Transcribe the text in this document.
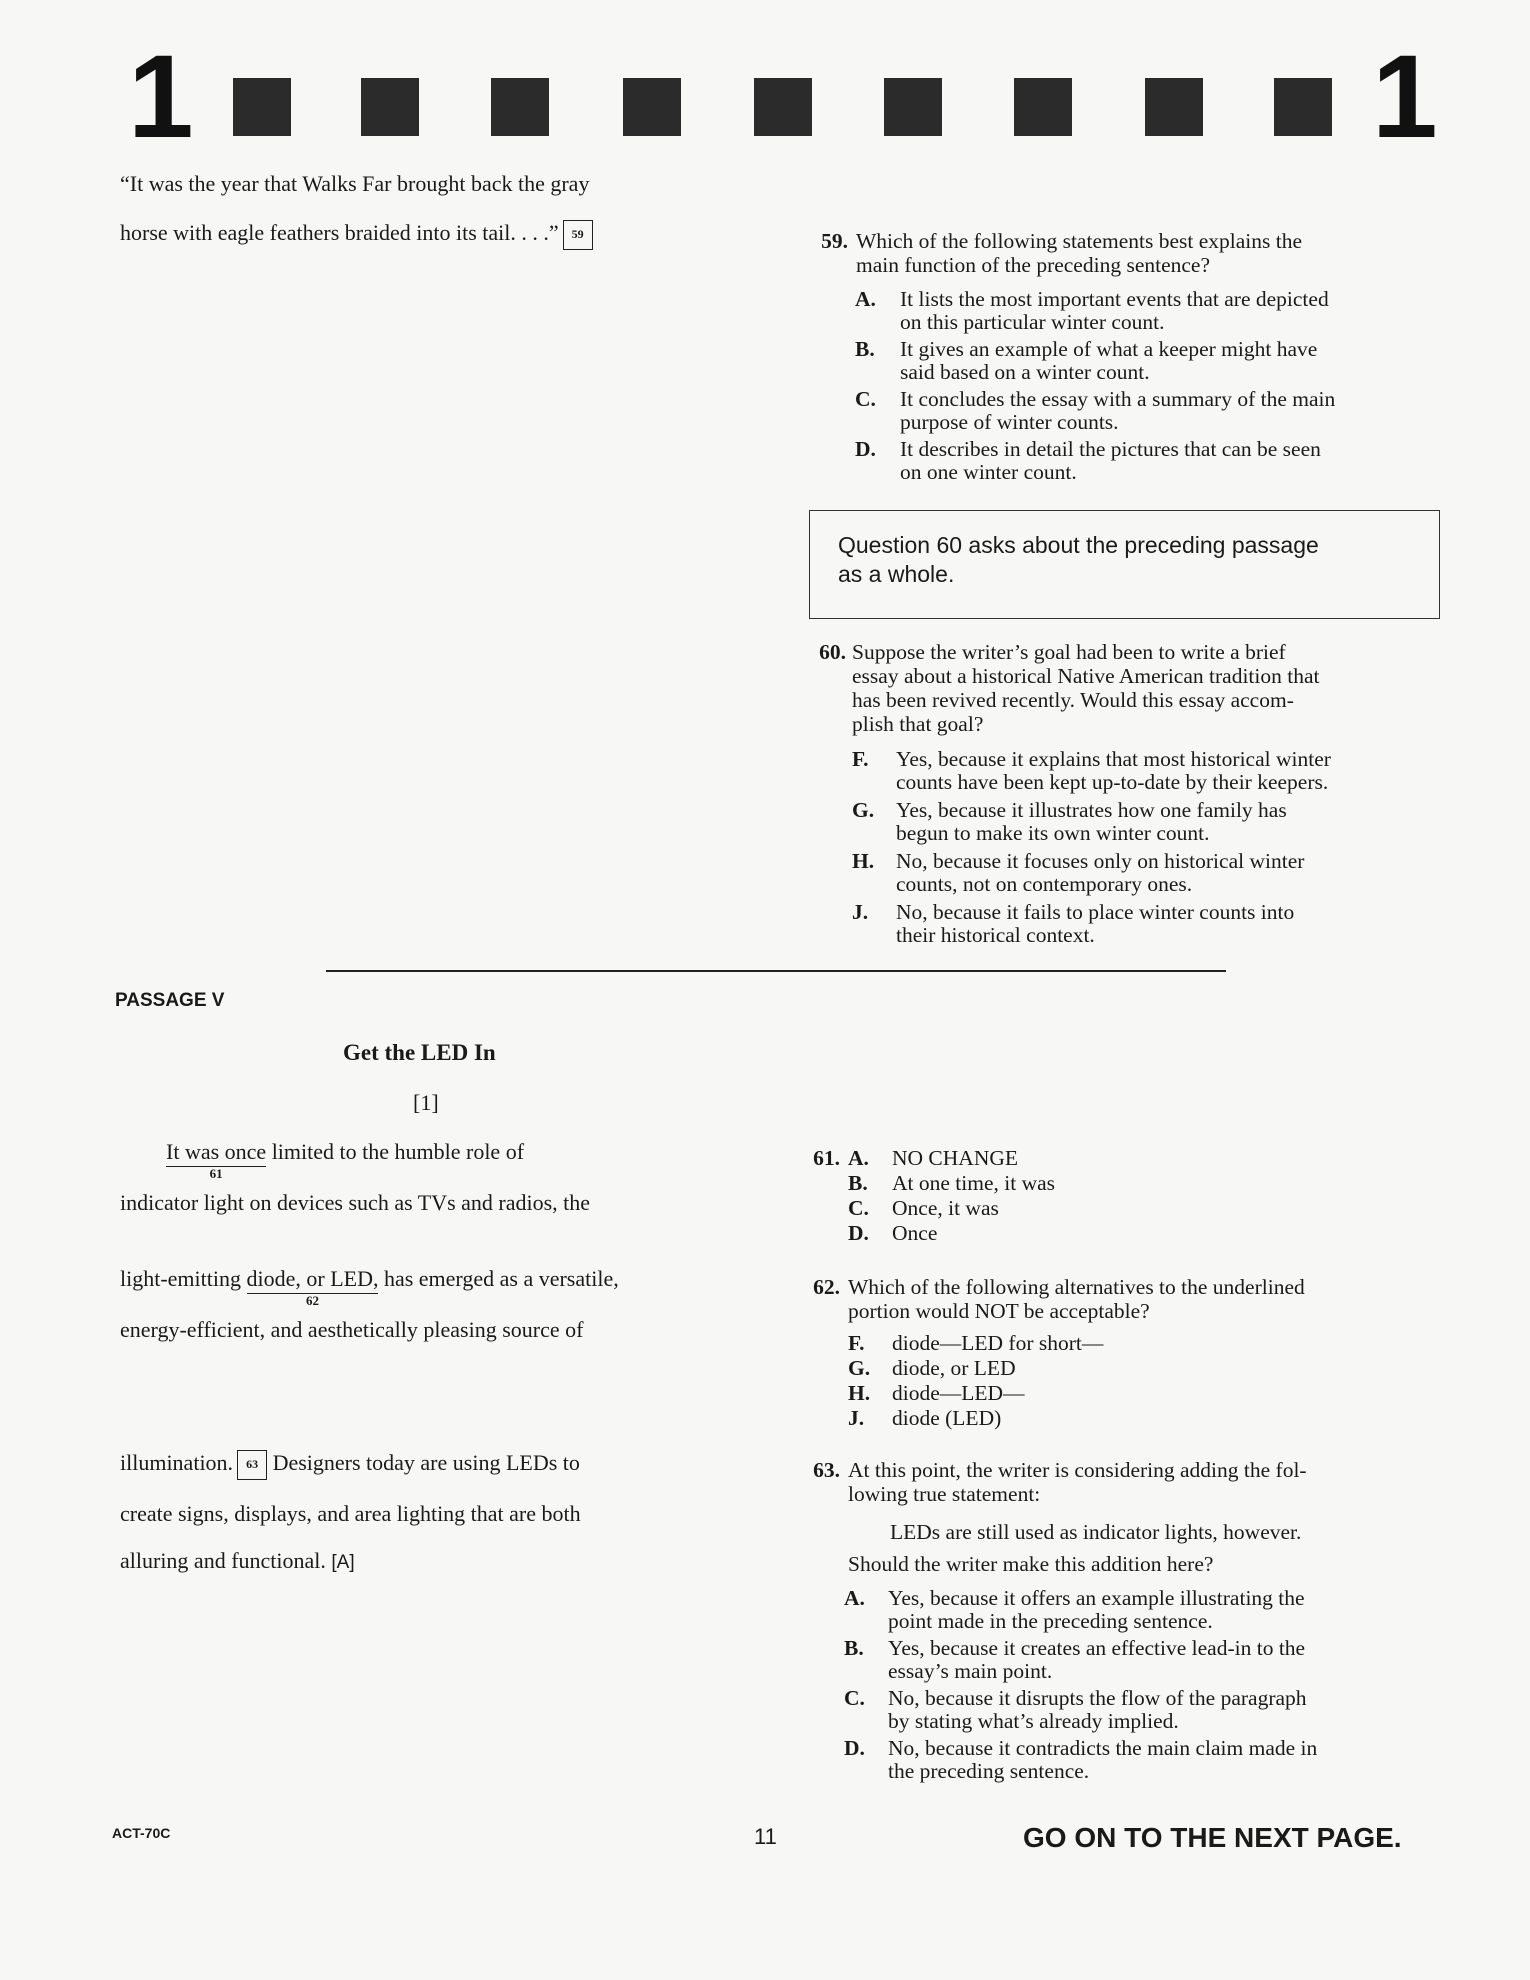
1	1
“It was the year that Walks Far brought back the gray
horse with eagle feathers braided into its tail. . . .” 59	59. Which of the following statements best explains the
main function of the preceding sentence?
A. It lists the most important events that are depicted
on this particular winter count.
B. It gives an example of what a keeper might have
said based on a winter count.
C. It concludes the essay with a summary of the main
purpose of winter counts.
D. It describes in detail the pictures that can be seen
on one winter count.
Question 60 asks about the preceding passage
as a whole.
60. Suppose the writer’s goal had been to write a brief
essay about a historical Native American tradition that
has been revived recently. Would this essay accom-
plish that goal?
F. Yes, because it explains that most historical winter
counts have been kept up-to-date by their keepers.
G. Yes, because it illustrates how one family has
begun to make its own winter count.
H. No, because it focuses only on historical winter
counts, not on contemporary ones.
J. No, because it fails to place winter counts into
their historical context.
PASSAGE V
Get the LED In
[1]
It was once
61
limited to the humble role of
indicator light on devices such as TVs and radios, the
light-emitting diode, or LED,
62
has emerged as a versatile,
energy-efficient, and aesthetically pleasing source of
illumination. 63 Designers today are using LEDs to
create signs, displays, and area lighting that are both
alluring and functional. [A]
61. A. NO CHANGE
B. At one time, it was
C. Once, it was
D. Once
62. Which of the following alternatives to the underlined
portion would NOT be acceptable?
F. diode—LED for short—
G. diode, or LED
H. diode—LED—
J. diode (LED)
63. At this point, the writer is considering adding the fol-
lowing true statement:
LEDs are still used as indicator lights, however.
Should the writer make this addition here?
A. Yes, because it offers an example illustrating the
point made in the preceding sentence.
B. Yes, because it creates an effective lead-in to the
essay’s main point.
C. No, because it disrupts the flow of the paragraph
by stating what’s already implied.
D. No, because it contradicts the main claim made in
the preceding sentence.
ACT-70C	11	GO ON TO THE NEXT PAGE.
